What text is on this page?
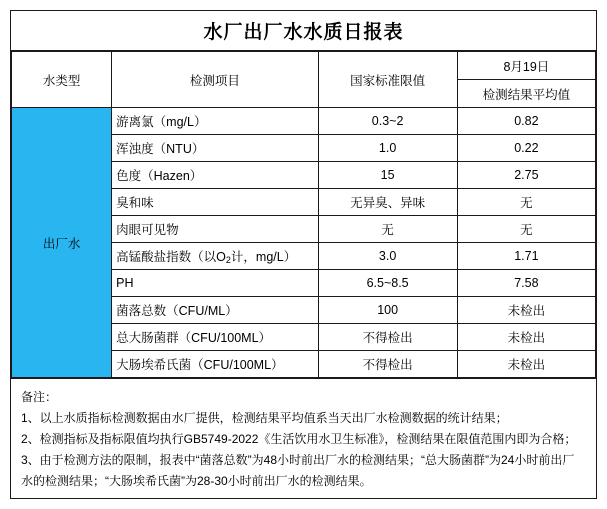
水厂出厂水水质日报表
水类型	检测项目	国家标准限值	8月19日
			检测结果平均值
出厂水	游离氯（mg/L）	0.3~2	0.82
	浑浊度（NTU）	1.0	0.22
	色度（Hazen）	15	2.75
	臭和味	无异臭、异味	无
	肉眼可见物	无	无
	高锰酸盐指数（以$O_2$计，mg/L）	3.0	1.71
	PH	6.5~8.5	7.58
	菌落总数（CFU/ML）	100	未检出
	总大肠菌群（CFU/100ML）	不得检出	未检出
	大肠埃希氏菌（CFU/100ML）	不得检出	未检出

备注：

1、以上水质指标检测数据由水厂提供，检测结果平均值系当天出厂水检测数据的统计结果；

2、检测指标及指标限值均执行GB5749-2022《生活饮用水卫生标准》，检测结果在限值范围内即为合格；

3、由于检测方法的限制，报表中“菌落总数”为48小时前出厂水的检测结果；“总大肠菌群”为24小时前出厂水的检测结果；“大肠埃希氏菌”为28-30小时前出厂水的检测结果。
